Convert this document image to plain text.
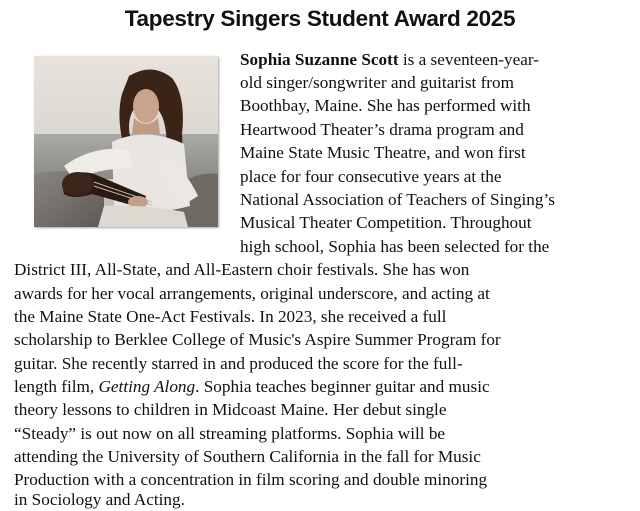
Tapestry Singers Student Award 2025
Sophia Suzanne Scott is a seventeen-year-
old singer/songwriter and guitarist from
Boothbay, Maine. She has performed with
Heartwood Theater’s drama program and
Maine State Music Theatre, and won first
place for four consecutive years at the
National Association of Teachers of Singing’s
Musical Theater Competition. Throughout
high school, Sophia has been selected for the
District III, All-State, and All-Eastern choir festivals. She has won
awards for her vocal arrangements, original underscore, and acting at
the Maine State One-Act Festivals. In 2023, she received a full
scholarship to Berklee College of Music's Aspire Summer Program for
guitar. She recently starred in and produced the score for the full-
length film, Getting Along. Sophia teaches beginner guitar and music
theory lessons to children in Midcoast Maine. Her debut single
“Steady” is out now on all streaming platforms. Sophia will be
attending the University of Southern California in the fall for Music
Production with a concentration in film scoring and double minoring
in Sociology and Acting.
